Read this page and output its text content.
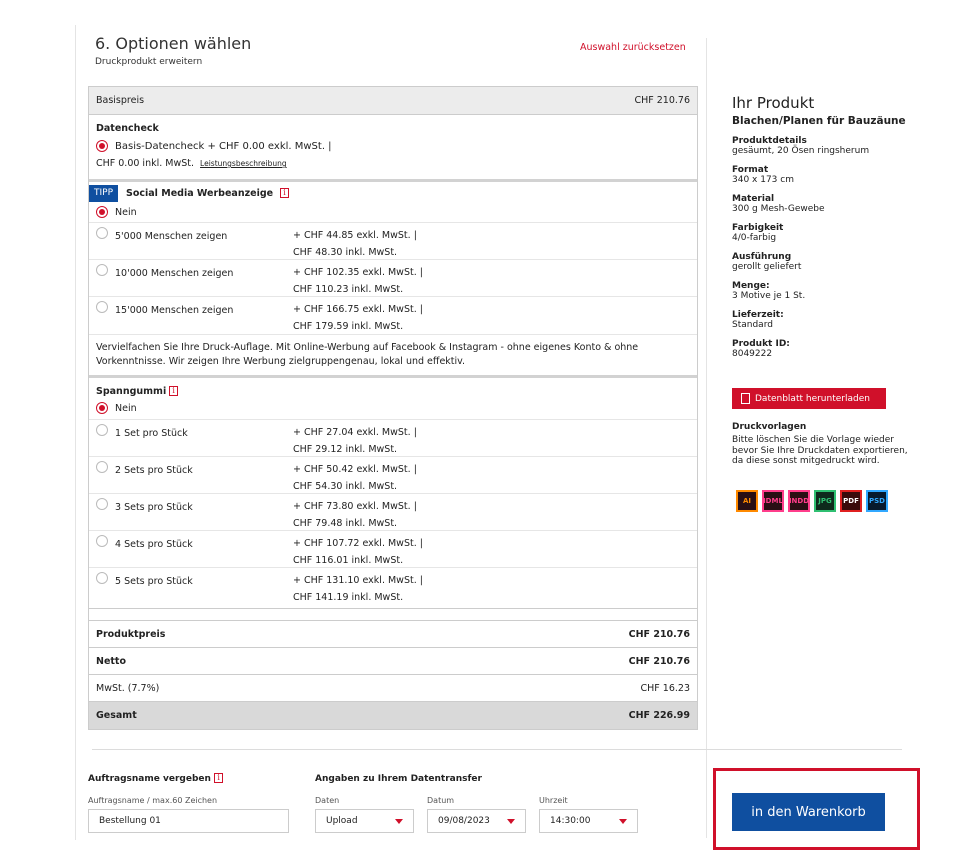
6. Optionen wählen
Druckprodukt erweitern
Auswahl zurücksetzen
Basispreis	CHF 210.76
Datencheck
Basis-Datencheck + CHF 0.00 exkl. MwSt. |
CHF 0.00 inkl. MwSt. Leistungsbeschreibung
TIPP	Social Media Werbeanzeige	i
Nein
5'000 Menschen zeigen	+ CHF 44.85 exkl. MwSt. |
CHF 48.30 inkl. MwSt.
10'000 Menschen zeigen	+ CHF 102.35 exkl. MwSt. |
CHF 110.23 inkl. MwSt.
15'000 Menschen zeigen	+ CHF 166.75 exkl. MwSt. |
CHF 179.59 inkl. MwSt.
Vervielfachen Sie Ihre Druck-Auflage. Mit Online-Werbung auf Facebook & Instagram - ohne eigenes Konto & ohne Vorkenntnisse. Wir zeigen Ihre Werbung zielgruppengenau, lokal und effektiv.
Spanngummi i
Nein
1 Set pro Stück	+ CHF 27.04 exkl. MwSt. |
CHF 29.12 inkl. MwSt.
2 Sets pro Stück	+ CHF 50.42 exkl. MwSt. |
CHF 54.30 inkl. MwSt.
3 Sets pro Stück	+ CHF 73.80 exkl. MwSt. |
CHF 79.48 inkl. MwSt.
4 Sets pro Stück	+ CHF 107.72 exkl. MwSt. |
CHF 116.01 inkl. MwSt.
5 Sets pro Stück	+ CHF 131.10 exkl. MwSt. |
CHF 141.19 inkl. MwSt.
Produktpreis	CHF 210.76
Netto	CHF 210.76
MwSt. (7.7%)	CHF 16.23
Gesamt	CHF 226.99
Ihr Produkt
Blachen/Planen für Bauzäune
Produktdetails
gesäumt, 20 Ösen ringsherum
Format
340 x 173 cm
Material
300 g Mesh-Gewebe
Farbigkeit
4/0-farbig
Ausführung
gerollt geliefert
Menge:
3 Motive je 1 St.
Lieferzeit:
Standard
Produkt ID:
8049222
Datenblatt herunterladen
Druckvorlagen
Bitte löschen Sie die Vorlage wieder bevor Sie Ihre Druckdaten exportieren, da diese sonst mitgedruckt wird.
AI	IDML INDD	JPG	PDF	PSD
Auftragsname vergeben i
Auftragsname / max.60 Zeichen
Bestellung 01
Angaben zu Ihrem Datentransfer
Daten
Upload
Datum
09/08/2023
Uhrzeit
14:30:00
in den Warenkorb
